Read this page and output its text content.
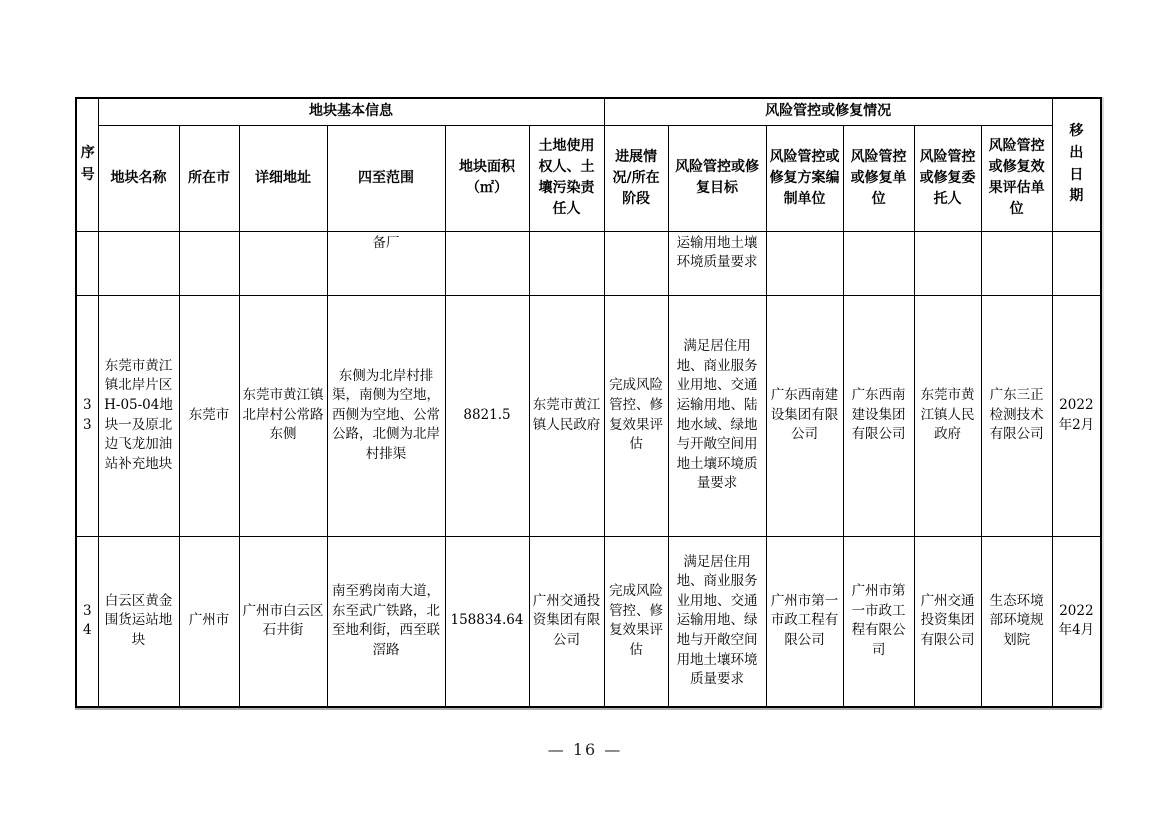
序号	地块基本信息						风险管控或修复情况						移出日期
	地块名称	所在市	详细地址	四至范围	地块面积（㎡）	土地使用权人、土壤污染责任人	进展情况/所在阶段	风险管控或修复目标	风险管控或修复方案编制单位	风险管控或修复单位	风险管控或修复委托人	风险管控或修复效果评估单位	
				备厂				运输用地土壤环境质量要求					
33	东莞市黄江镇北岸片区H-05-04地块一及原北边飞龙加油站补充地块	东莞市	东莞市黄江镇北岸村公常路东侧	东侧为北岸村排渠，南侧为空地，西侧为空地、公常公路，北侧为北岸村排渠	8821.5	东莞市黄江镇人民政府	完成风险管控、修复效果评估	满足居住用地、商业服务业用地、交通运输用地、陆地水域、绿地与开敞空间用地土壤环境质量要求	广东西南建设集团有限公司	广东西南建设集团有限公司	东莞市黄江镇人民政府	广东三正检测技术有限公司	2022年2月
34	白云区黄金围货运站地块	广州市	广州市白云区石井街	南至鸦岗南大道，东至武广铁路，北至地利街，西至联滘路	158834.64	广州交通投资集团有限公司	完成风险管控、修复效果评估	满足居住用地、商业服务业用地、交通运输用地、绿地与开敞空间用地土壤环境质量要求	广州市第一市政工程有限公司	广州市第一市政工程有限公司	广州交通投资集团有限公司	生态环境部环境规划院	2022年4月
— 16 —
